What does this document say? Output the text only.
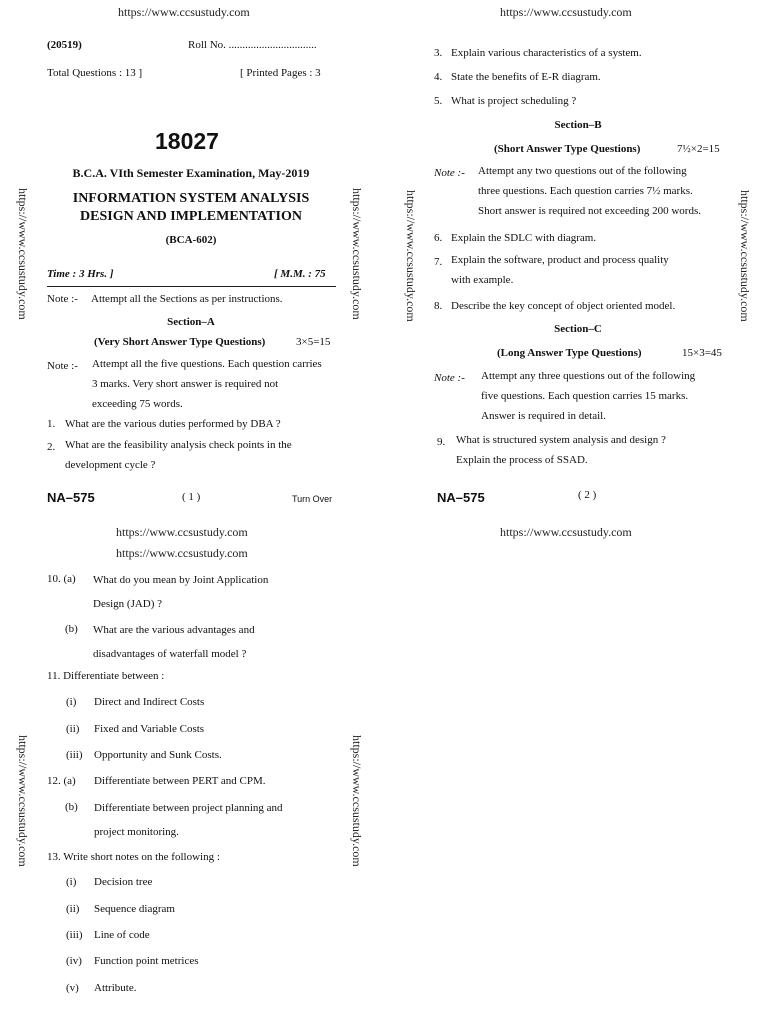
https://www.ccsustudy.com	https://www.ccsustudy.com
https://www.ccsustudy.com	https://www.ccsustudy.com	https://www.ccsustudy.com	https://www.ccsustudy.com
https://www.ccsustudy.com	https://www.ccsustudy.com
(20519)	Roll No. ................................
Total Questions : 13 ]	[ Printed Pages : 3
18027
B.C.A. VIth Semester Examination, May-2019
INFORMATION SYSTEM ANALYSIS
DESIGN AND IMPLEMENTATION
(BCA-602)
Time : 3 Hrs. ]	[ M.M. : 75
Note :- Attempt all the Sections as per instructions.
Section–A
(Very Short Answer Type Questions)	3×5=15
Note :- Attempt all the five questions. Each question carries
3 marks. Very short answer is required not
exceeding 75 words.
1. What are the various duties performed by DBA ?
2. What are the feasibility analysis check points in the
development cycle ?
NA–575	( 1 )	Turn Over
3. Explain various characteristics of a system.
4. State the benefits of E-R diagram.
5. What is project scheduling ?
Section–B
(Short Answer Type Questions)	7½×2=15
Note :- Attempt any two questions out of the following
three questions. Each question carries 7½ marks.
Short answer is required not exceeding 200 words.
6. Explain the SDLC with diagram.
7. Explain the software, product and process quality
with example.
8. Describe the key concept of object oriented model.
Section–C
(Long Answer Type Questions)	15×3=45
Note :- Attempt any three questions out of the following
five questions. Each question carries 15 marks.
Answer is required in detail.
9. What is structured system analysis and design ?
Explain the process of SSAD.
NA–575	( 2 )
https://www.ccsustudy.com
https://www.ccsustudy.com
https://www.ccsustudy.com
10. (a) What do you mean by Joint Application
Design (JAD) ?
(b) What are the various advantages and
disadvantages of waterfall model ?
11. Differentiate between :
(i) Direct and Indirect Costs
(ii) Fixed and Variable Costs
(iii) Opportunity and Sunk Costs.
12. (a) Differentiate between PERT and CPM.
(b) Differentiate between project planning and
project monitoring.
13. Write short notes on the following :
(i) Decision tree
(ii) Sequence diagram
(iii) Line of code
(iv) Function point metrices
(v) Attribute.
